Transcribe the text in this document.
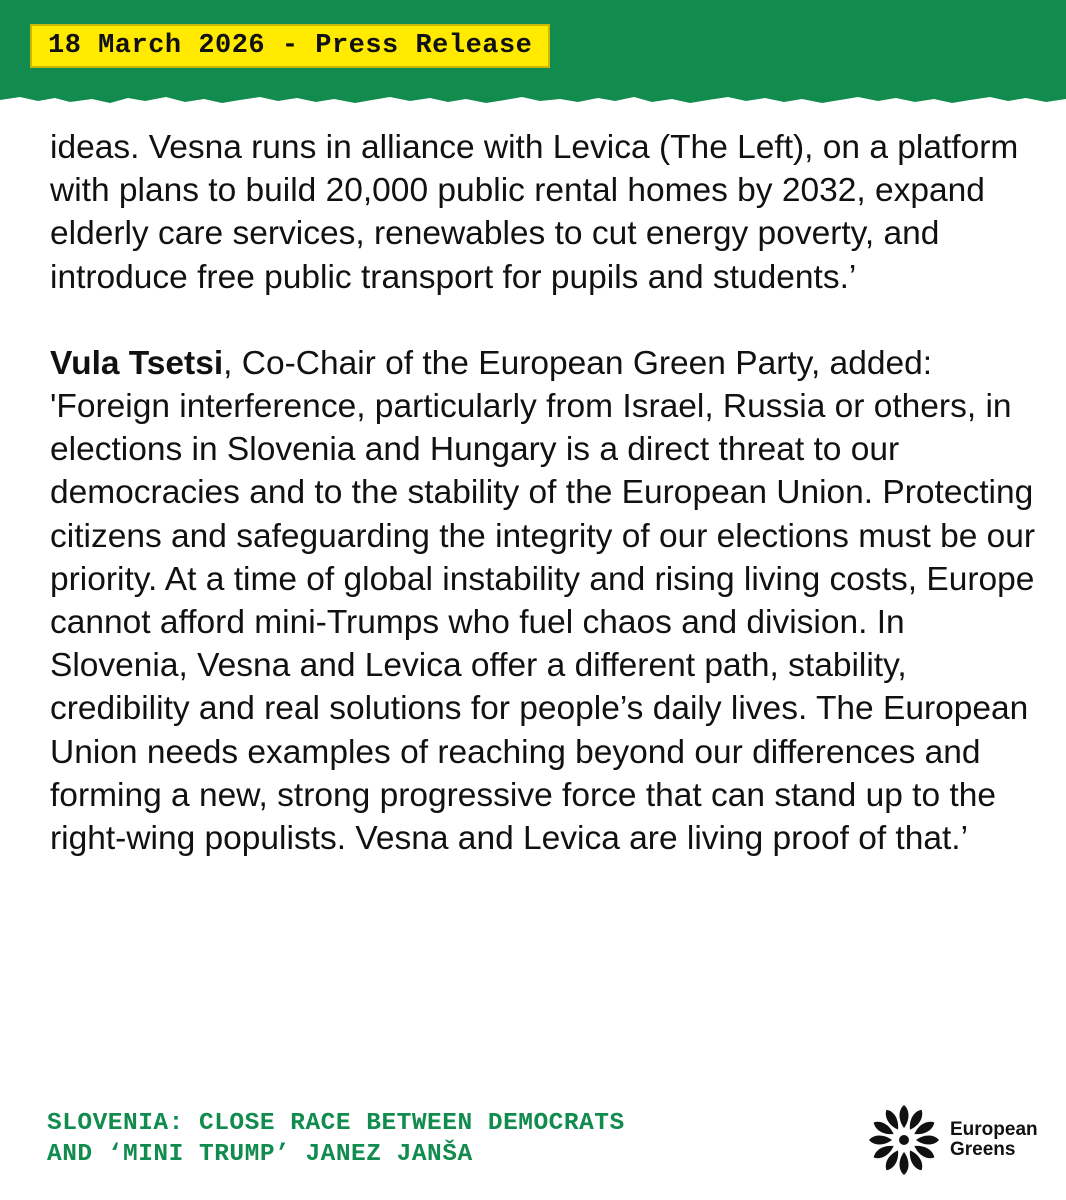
18 March 2026 - Press Release

ideas. Vesna runs in alliance with Levica (The Left), on a platform with plans to build 20,000 public rental homes by 2032, expand elderly care services, renewables to cut energy poverty, and introduce free public transport for pupils and students.’

Vula Tsetsi, Co-Chair of the European Green Party, added: 'Foreign interference, particularly from Israel, Russia or others, in elections in Slovenia and Hungary is a direct threat to our democracies and to the stability of the European Union. Protecting citizens and safeguarding the integrity of our elections must be our priority. At a time of global instability and rising living costs, Europe cannot afford mini-Trumps who fuel chaos and division. In Slovenia, Vesna and Levica offer a different path, stability, credibility and real solutions for people’s daily lives. The European Union needs examples of reaching beyond our differences and forming a new, strong progressive force that can stand up to the right-wing populists. Vesna and Levica are living proof of that.’

SLOVENIA: CLOSE RACE BETWEEN DEMOCRATS
AND ‘MINI TRUMP’ JANEZ JANŠA
European
Greens
